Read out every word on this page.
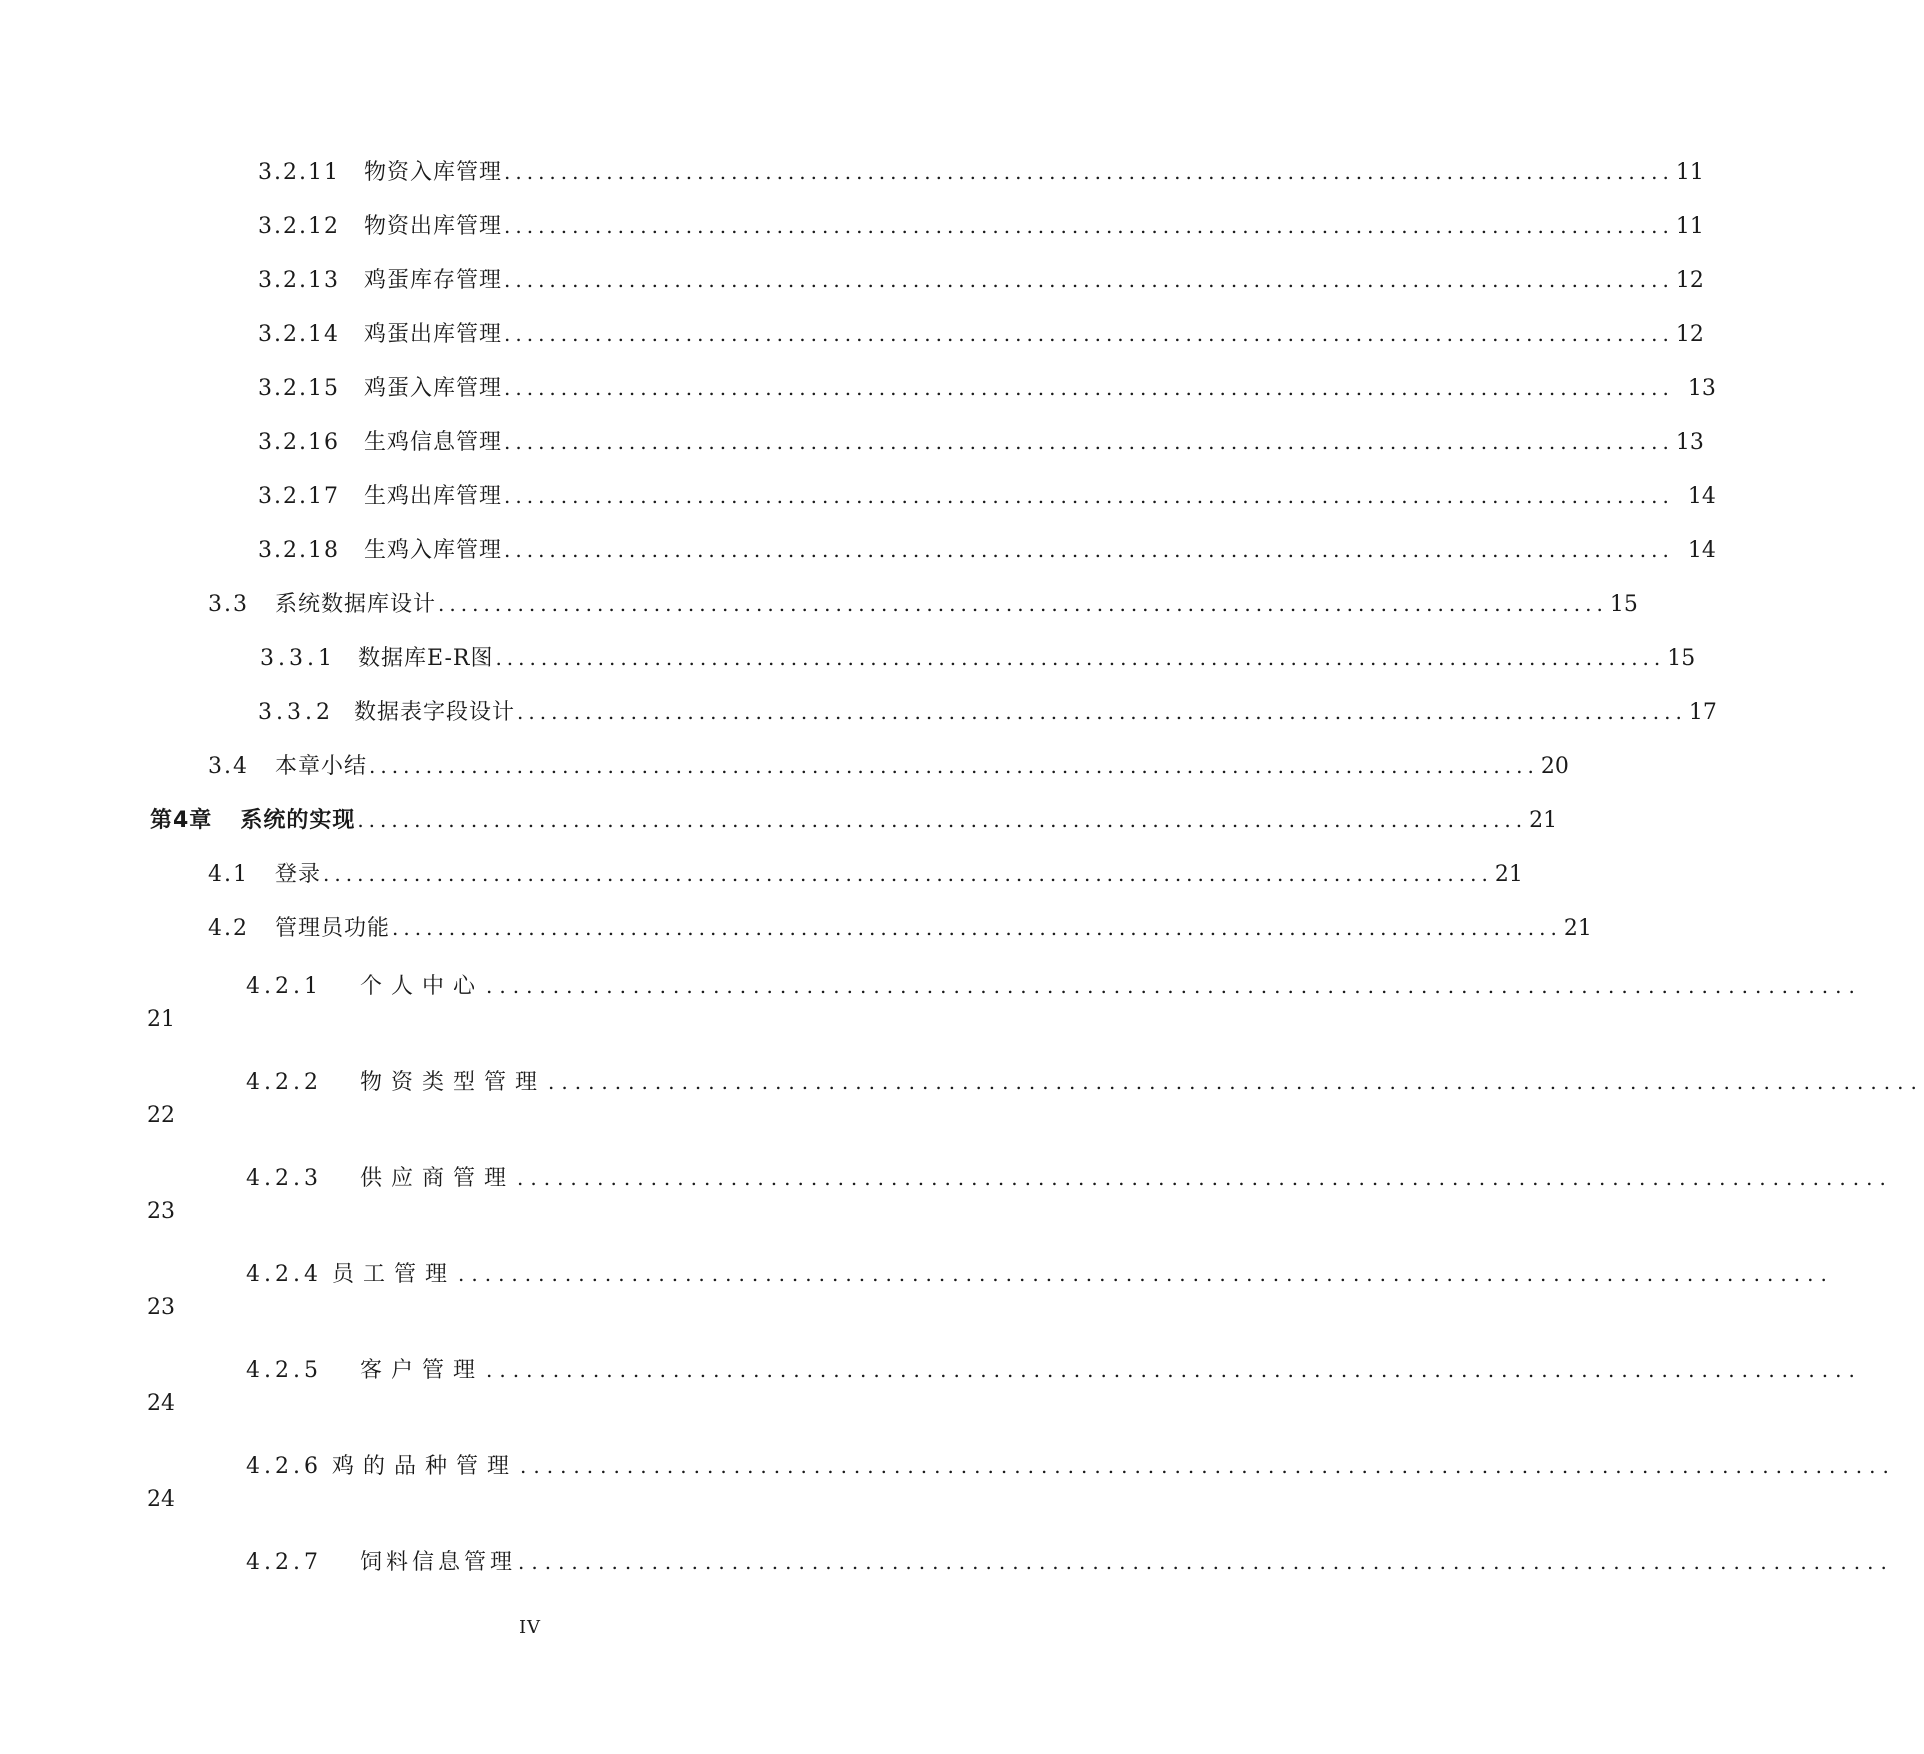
3.2.11 物资入库管理 ....................................................................................................... 11
3.2.12 物资出库管理 ....................................................................................................... 11
3.2.13 鸡蛋库存管理 ....................................................................................................... 12
3.2.14 鸡蛋出库管理 ....................................................................................................... 12
3.2.15 鸡蛋入库管理 ....................................................................................................... 13
3.2.16 生鸡信息管理 ....................................................................................................... 13
3.2.17 生鸡出库管理 ....................................................................................................... 14
3.2.18 生鸡入库管理 ....................................................................................................... 14
3.3 系统数据库设计 ....................................................................................................... 15
3.3.1 数据库E-R图 ....................................................................................................... 15
3.3.2 数据表字段设计 ....................................................................................................... 17
3.4 本章小结 ....................................................................................................... 20
第4章 系统的实现 ....................................................................................................... 21
4.1 登录 ....................................................................................................... 21
4.2 管理员功能 ....................................................................................................... 21
4.2.1 个人中心 .......................................................................................................
21
4.2.2 物资类型管理 .......................................................................................................
22
4.2.3 供应商管理 .......................................................................................................
23
4.2.4 员工管理 .......................................................................................................
23
4.2.5 客户管理 .......................................................................................................
24
4.2.6 鸡的品种管理 .......................................................................................................
24
4.2.7 饲料信息管理 .......................................................................................................
IV
